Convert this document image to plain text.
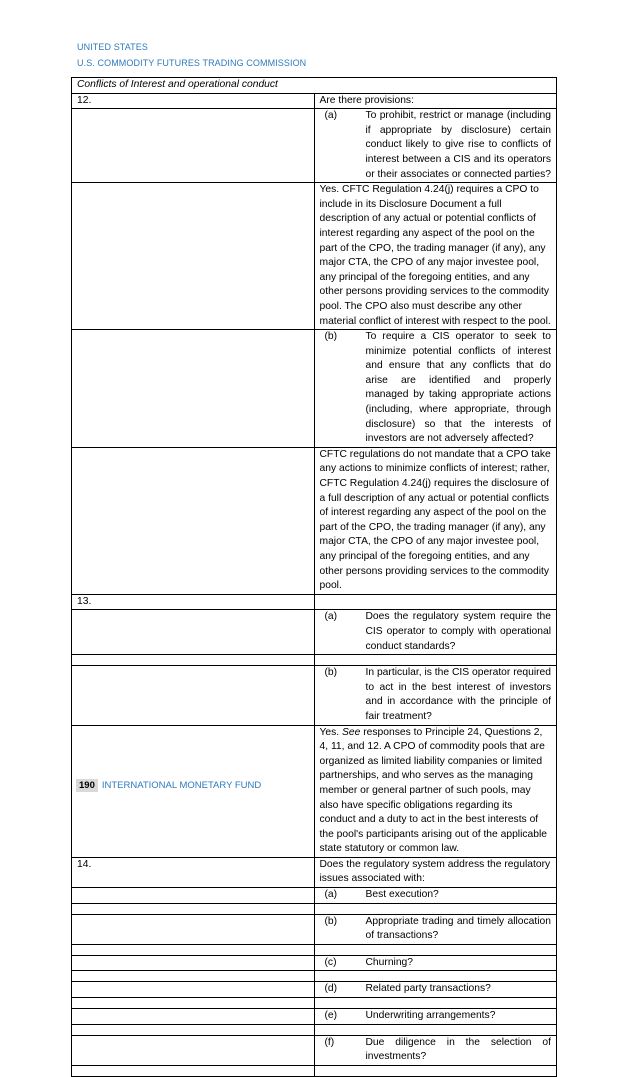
UNITED STATES
U.S. COMMODITY FUTURES TRADING COMMISSION
Conflicts of Interest and operational conduct	
12.	Are there provisions:

	(a) To prohibit, restrict or manage (including if appropriate by disclosure) certain conduct likely to give rise to conflicts of interest between a CIS and its operators or their associates or connected parties?

	Yes. CFTC Regulation 4.24(j) requires a CPO to include in its Disclosure Document a full description of any actual or potential conflicts of interest regarding any aspect of the pool on the part of the CPO, the trading manager (if any), any major CTA, the CPO of any major investee pool, any principal of the foregoing entities, and any other persons providing services to the commodity pool. The CPO also must describe any other material conflict of interest with respect to the pool.

	(b) To require a CIS operator to seek to minimize potential conflicts of interest and ensure that any conflicts that do arise are identified and properly managed by taking appropriate actions (including, where appropriate, through disclosure) so that the interests of investors are not adversely affected?

	CFTC regulations do not mandate that a CPO take any actions to minimize conflicts of interest; rather, CFTC Regulation 4.24(j) requires the disclosure of a full description of any actual or potential conflicts of interest regarding any aspect of the pool on the part of the CPO, the trading manager (if any), any major CTA, the CPO of any major investee pool, any principal of the foregoing entities, and any other persons providing services to the commodity pool.
13.	

	(a) Does the regulatory system require the CIS operator to comply with operational conduct standards?

	(b) In particular, is the CIS operator required to act in the best interest of investors and in accordance with the principle of fair treatment?

	Yes. See responses to Principle 24, Questions 2, 4, 11, and 12. A CPO of commodity pools that are organized as limited liability companies or limited partnerships, and who serves as the managing member or general partner of such pools, may also have specific obligations regarding its conduct and a duty to act in the best interests of the pool's participants arising out of the applicable state statutory or common law.
14.	Does the regulatory system address the regulatory issues associated with:

	(a) Best execution?

	(b) Appropriate trading and timely allocation of transactions?

	(c) Churning?

	(d) Related party transactions?

	(e) Underwriting arrangements?

	(f) Due diligence in the selection of investments?

190 INTERNATIONAL MONETARY FUND
